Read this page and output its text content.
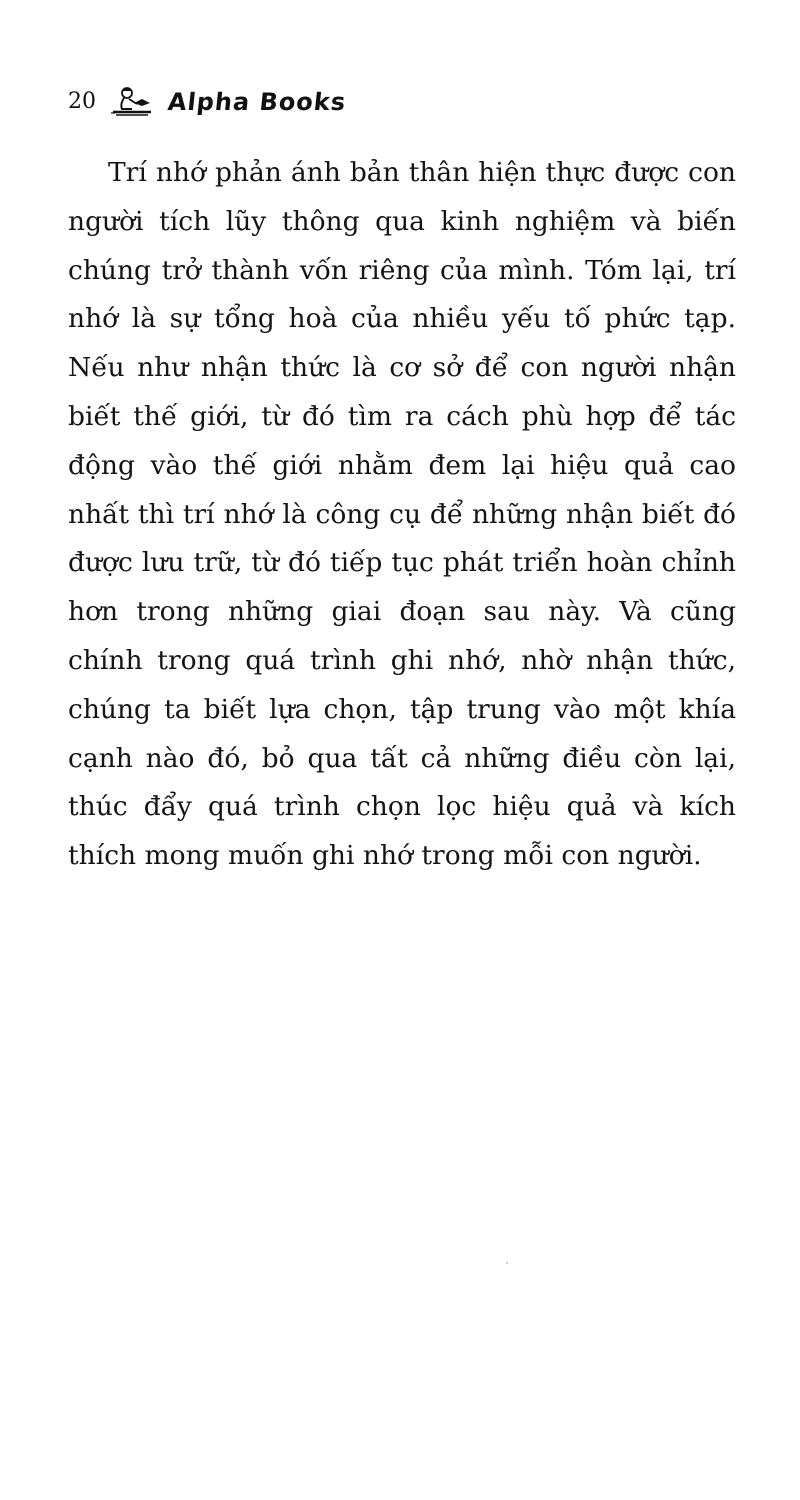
20	Alpha Books

Trí nhớ phản ánh bản thân hiện thực được con người tích lũy thông qua kinh nghiệm và biến chúng trở thành vốn riêng của mình. Tóm lại, trí nhớ là sự tổng hoà của nhiều yếu tố phức tạp. Nếu như nhận thức là cơ sở để con người nhận biết thế giới, từ đó tìm ra cách phù hợp để tác động vào thế giới nhằm đem lại hiệu quả cao nhất thì trí nhớ là công cụ để những nhận biết đó được lưu trữ, từ đó tiếp tục phát triển hoàn chỉnh hơn trong những giai đoạn sau này. Và cũng chính trong quá trình ghi nhớ, nhờ nhận thức, chúng ta biết lựa chọn, tập trung vào một khía cạnh nào đó, bỏ qua tất cả những điều còn lại, thúc đẩy quá trình chọn lọc hiệu quả và kích thích mong muốn ghi nhớ trong mỗi con người.
